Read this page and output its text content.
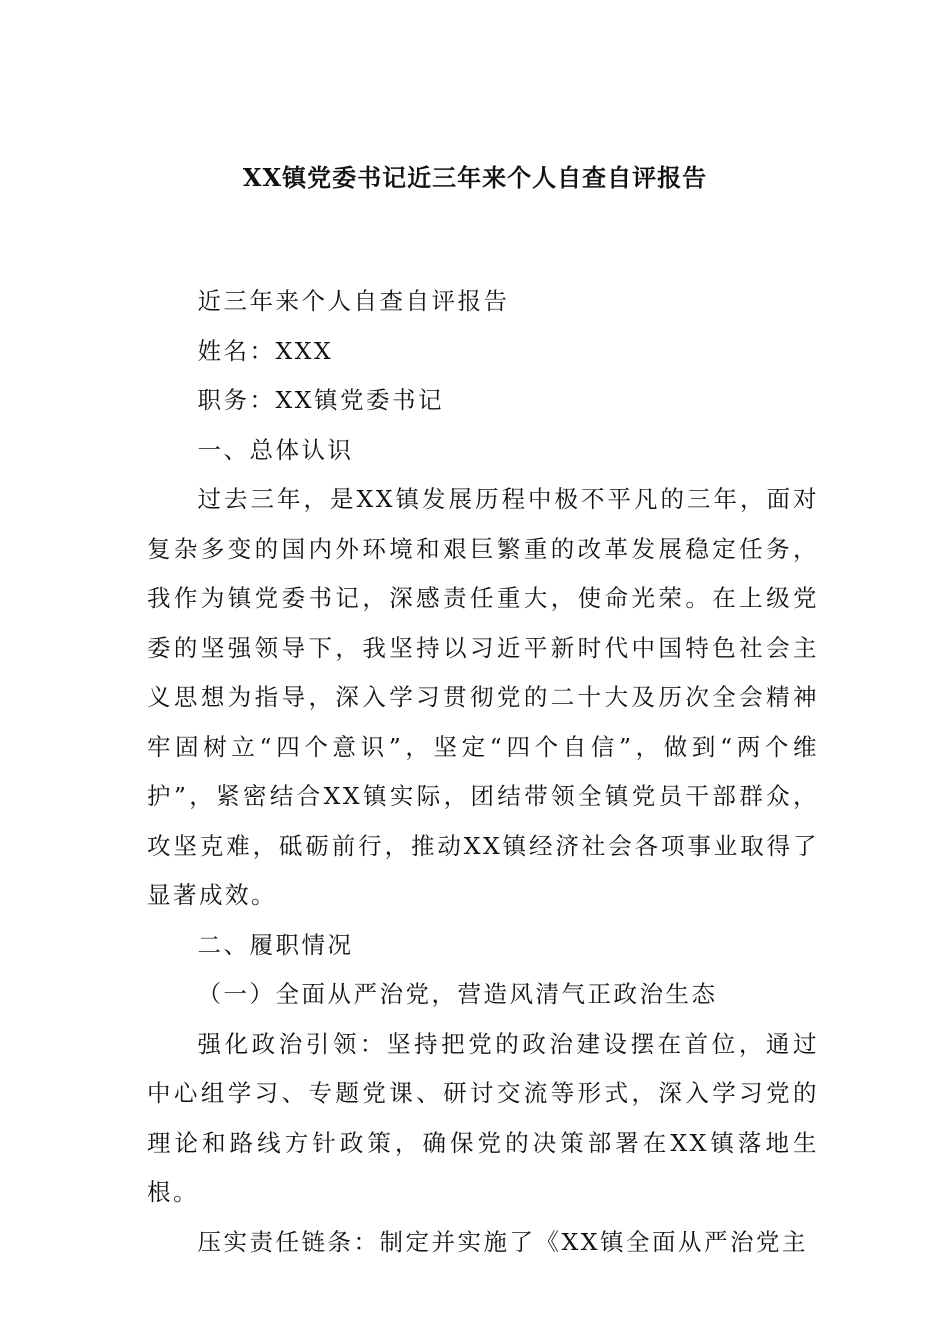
XX镇党委书记近三年来个人自查自评报告

近三年来个人自查自评报告

姓名：XXX

职务：XX镇党委书记

一、总体认识

过去三年，是XX镇发展历程中极不平凡的三年，面对复杂多变的国内外环境和艰巨繁重的改革发展稳定任务，我作为镇党委书记，深感责任重大，使命光荣。在上级党委的坚强领导下，我坚持以习近平新时代中国特色社会主义思想为指导，深入学习贯彻党的二十大及历次全会精神牢固树立“四个意识”，坚定“四个自信”，做到“两个维护”，紧密结合XX镇实际，团结带领全镇党员干部群众，攻坚克难，砥砺前行，推动XX镇经济社会各项事业取得了显著成效。

二、履职情况

（一）全面从严治党，营造风清气正政治生态

强化政治引领：坚持把党的政治建设摆在首位，通过中心组学习、专题党课、研讨交流等形式，深入学习党的理论和路线方针政策，确保党的决策部署在XX镇落地生根。

压实责任链条：制定并实施了《XX镇全面从严治党主
